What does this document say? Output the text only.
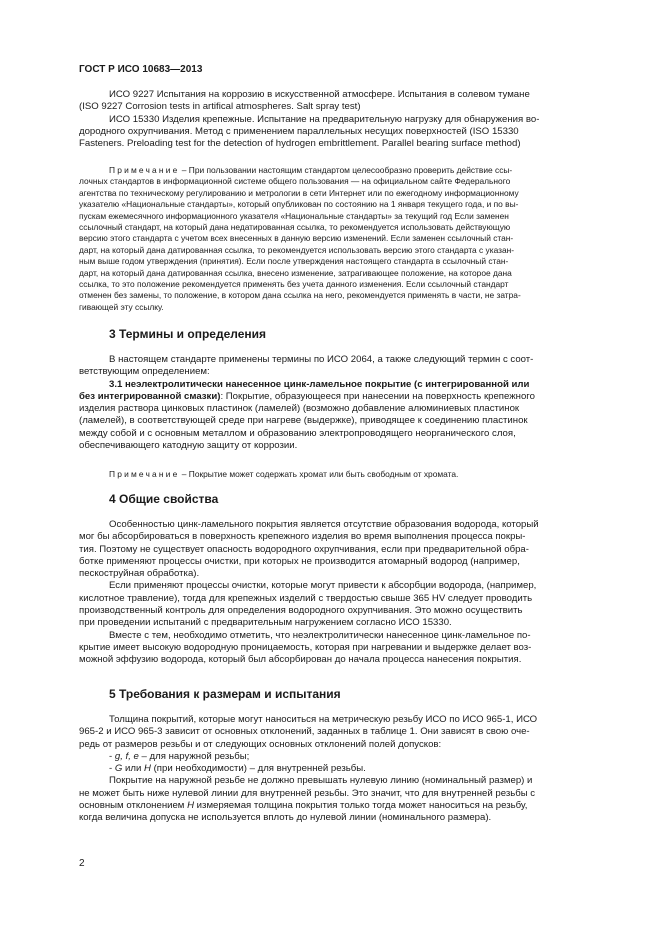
ГОСТ Р ИСО 10683—2013

ИСО 9227 Испытания на коррозию в искусственной атмосфере. Испытания в солевом тумане

(ISO 9227 Corrosion tests in artifical atmospheres. Salt spray test)

ИСО 15330 Изделия крепежные. Испытание на предварительную нагрузку для обнаружения во-

дородного охрупчивания. Метод с применением параллельных несущих поверхностей (ISO 15330

Fasteners. Preloading test for the detection of hydrogen embrittlement. Parallel bearing surface method)

Примечание – При пользовании настоящим стандартом целесообразно проверить действие ссы-

лочных стандартов в информационной системе общего пользования — на официальном сайте Федерального

агентства по техническому регулированию и метрологии в сети Интернет или по ежегодному информационному

указателю «Национальные стандарты», который опубликован по состоянию на 1 января текущего года, и по вы-

пускам ежемесячного информационного указателя «Национальные стандарты» за текущий год Если заменен

ссылочный стандарт, на который дана недатированная ссылка, то рекомендуется использовать действующую

версию этого стандарта с учетом всех внесенных в данную версию изменений. Если заменен ссылочный стан-

дарт, на который дана датированная ссылка, то рекомендуется использовать версию этого стандарта с указан-

ным выше годом утверждения (принятия). Если после утверждения настоящего стандарта в ссылочный стан-

дарт, на который дана датированная ссылка, внесено изменение, затрагивающее положение, на которое дана

ссылка, то это положение рекомендуется применять без учета данного изменения. Если ссылочный стандарт

отменен без замены, то положение, в котором дана ссылка на него, рекомендуется применять в части, не затра-

гивающей эту ссылку.

3 Термины и определения

В настоящем стандарте применены термины по ИСО 2064, а также следующий термин с соот-

ветствующим определением:

3.1 неэлектролитически нанесенное цинк-ламельное покрытие (с интегрированной или

без интегрированной смазки): Покрытие, образующееся при нанесении на поверхность крепежного

изделия раствора цинковых пластинок (ламелей) (возможно добавление алюминиевых пластинок

(ламелей), в соответствующей среде при нагреве (выдержке), приводящее к соединению пластинок

между собой и с основным металлом и образованию электропроводящего неорганического слоя,

обеспечивающего катодную защиту от коррозии.

Примечание – Покрытие может содержать хромат или быть свободным от хромата.

4 Общие свойства

Особенностью цинк-ламельного покрытия является отсутствие образования водорода, который

мог бы абсорбироваться в поверхность крепежного изделия во время выполнения процесса покры-

тия. Поэтому не существует опасность водородного охрупчивания, если при предварительной обра-

ботке применяют процессы очистки, при которых не производится атомарный водород (например,

пескоструйная обработка).

Если применяют процессы очистки, которые могут привести к абсорбции водорода, (например,

кислотное травление), тогда для крепежных изделий с твердостью свыше 365 HV следует проводить

производственный контроль для определения водородного охрупчивания. Это можно осуществить

при проведении испытаний с предварительным нагружением согласно ИСО 15330.

Вместе с тем, необходимо отметить, что неэлектролитически нанесенное цинк-ламельное по-

крытие имеет высокую водородную проницаемость, которая при нагревании и выдержке делает воз-

можной эффузию водорода, который был абсорбирован до начала процесса нанесения покрытия.

5 Требования к размерам и испытания

Толщина покрытий, которые могут наноситься на метрическую резьбу ИСО по ИСО 965-1, ИСО

965-2 и ИСО 965-3 зависит от основных отклонений, заданных в таблице 1. Они зависят в свою оче-

редь от размеров резьбы и от следующих основных отклонений полей допусков:

- g, f, e – для наружной резьбы;

- G или H (при необходимости) – для внутренней резьбы.

Покрытие на наружной резьбе не должно превышать нулевую линию (номинальный размер) и

не может быть ниже нулевой линии для внутренней резьбы. Это значит, что для внутренней резьбы с

основным отклонением H измеряемая толщина покрытия только тогда может наноситься на резьбу,

когда величина допуска не используется вплоть до нулевой линии (номинального размера).

2
